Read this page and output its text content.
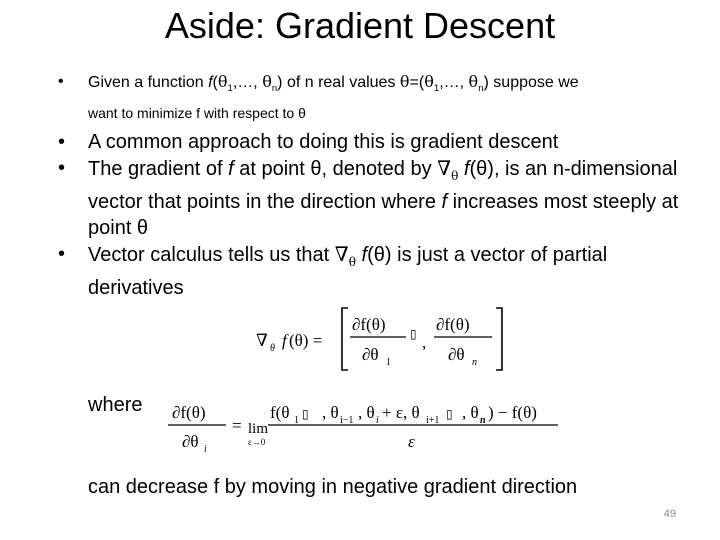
Aside: Gradient Descent
• Given a function $f(\theta_1,\dots$, $\theta_n$) of n real values $\theta=(\theta_1,\dots$, $\theta_n$) suppose we
want to minimize f with respect to θ
• A common approach to doing this is gradient descent
• The gradient of f at point θ, denoted by $\nabla_\theta$ f(θ), is an n-dimensional vector that points in the direction where f increases most steeply at point θ
• Vector calculus tells us that $\nabla_\theta$ f(θ) is just a vector of partial derivatives
∇ θ f (θ) =
∂f(θ)
∂θ 1
▯ ,
∂f(θ)
∂θ n
where ∂f(θ)
∂θ i
= lim
ε→0
f(θ 1 ▯ , θ i−1 , θ i + ε, θ i+1 ▯ , θ n ) − f(θ)
ε
can decrease f by moving in negative gradient direction
49
